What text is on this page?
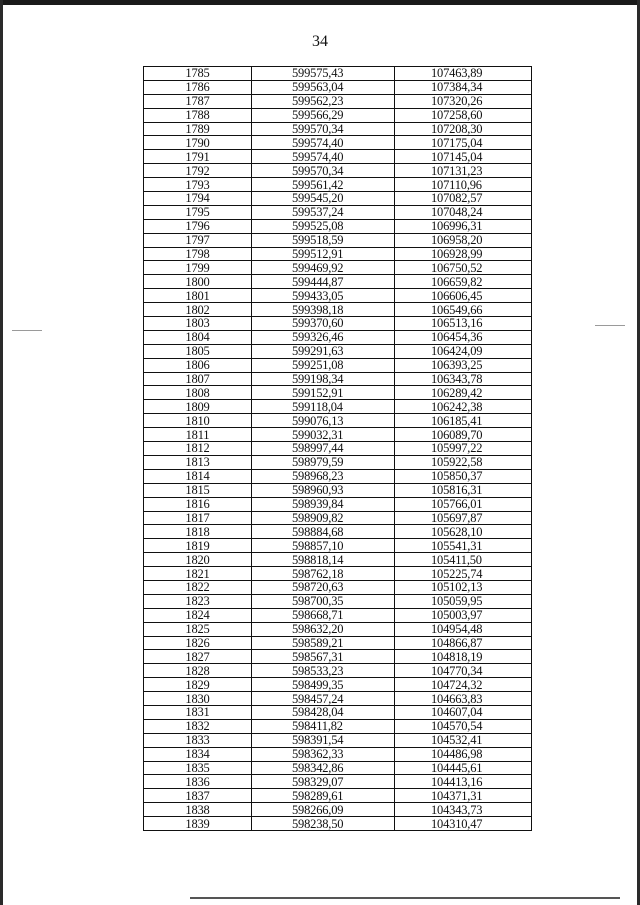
34
1785	599575,43	107463,89
1786	599563,04	107384,34
1787	599562,23	107320,26
1788	599566,29	107258,60
1789	599570,34	107208,30
1790	599574,40	107175,04
1791	599574,40	107145,04
1792	599570,34	107131,23
1793	599561,42	107110,96
1794	599545,20	107082,57
1795	599537,24	107048,24
1796	599525,08	106996,31
1797	599518,59	106958,20
1798	599512,91	106928,99
1799	599469,92	106750,52
1800	599444,87	106659,82
1801	599433,05	106606,45
1802	599398,18	106549,66
1803	599370,60	106513,16
1804	599326,46	106454,36
1805	599291,63	106424,09
1806	599251,08	106393,25
1807	599198,34	106343,78
1808	599152,91	106289,42
1809	599118,04	106242,38
1810	599076,13	106185,41
1811	599032,31	106089,70
1812	598997,44	105997,22
1813	598979,59	105922,58
1814	598968,23	105850,37
1815	598960,93	105816,31
1816	598939,84	105766,01
1817	598909,82	105697,87
1818	598884,68	105628,10
1819	598857,10	105541,31
1820	598818,14	105411,50
1821	598762,18	105225,74
1822	598720,63	105102,13
1823	598700,35	105059,95
1824	598668,71	105003,97
1825	598632,20	104954,48
1826	598589,21	104866,87
1827	598567,31	104818,19
1828	598533,23	104770,34
1829	598499,35	104724,32
1830	598457,24	104663,83
1831	598428,04	104607,04
1832	598411,82	104570,54
1833	598391,54	104532,41
1834	598362,33	104486,98
1835	598342,86	104445,61
1836	598329,07	104413,16
1837	598289,61	104371,31
1838	598266,09	104343,73
1839	598238,50	104310,47
